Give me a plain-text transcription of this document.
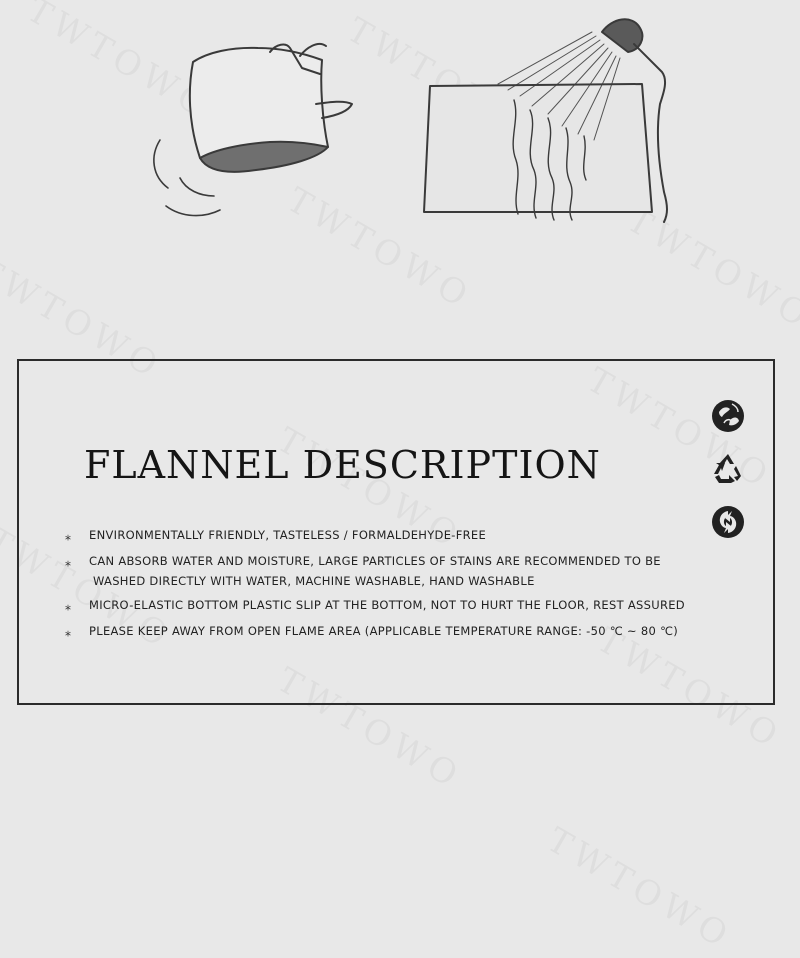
FLANNEL DESCRIPTION
⁎	ENVIRONMENTALLY FRIENDLY, TASTELESS / FORMALDEHYDE-FREE
⁎	CAN ABSORB WATER AND MOISTURE, LARGE PARTICLES OF STAINS ARE RECOMMENDED TO BE
WASHED DIRECTLY WITH WATER, MACHINE WASHABLE, HAND WASHABLE
⁎	MICRO-ELASTIC BOTTOM PLASTIC SLIP AT THE BOTTOM, NOT TO HURT THE FLOOR, REST ASSURED
⁎	PLEASE KEEP AWAY FROM OPEN FLAME AREA (APPLICABLE TEMPERATURE RANGE: -50 ℃ ~ 80 ℃)
